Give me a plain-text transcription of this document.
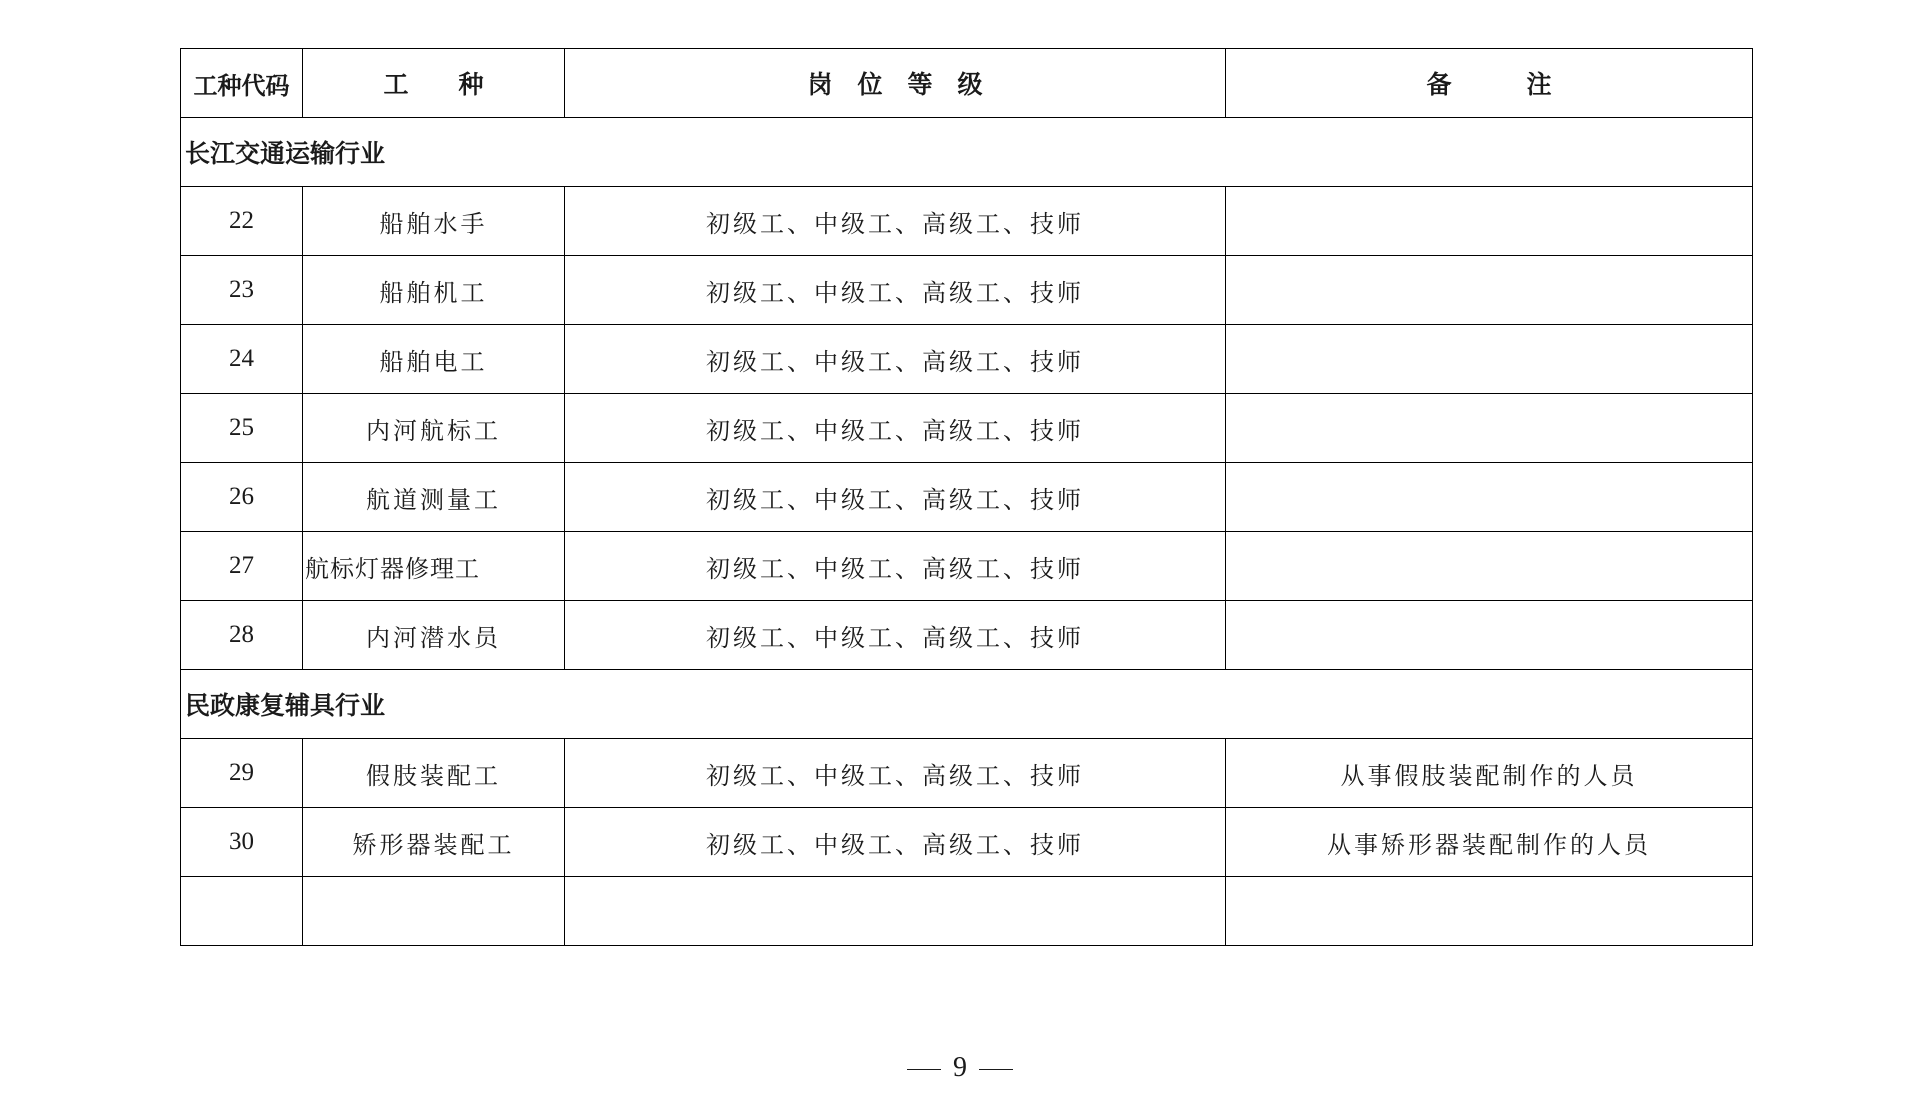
工种代码	工　　种	岗　位　等　级	备　　　注
长江交通运输行业			
22	船舶水手	初级工、中级工、高级工、技师	
23	船舶机工	初级工、中级工、高级工、技师	
24	船舶电工	初级工、中级工、高级工、技师	
25	内河航标工	初级工、中级工、高级工、技师	
26	航道测量工	初级工、中级工、高级工、技师	
27	航标灯器修理工	初级工、中级工、高级工、技师	
28	内河潜水员	初级工、中级工、高级工、技师	
民政康复辅具行业			
29	假肢装配工	初级工、中级工、高级工、技师	从事假肢装配制作的人员
30	矫形器装配工	初级工、中级工、高级工、技师	从事矫形器装配制作的人员

9
